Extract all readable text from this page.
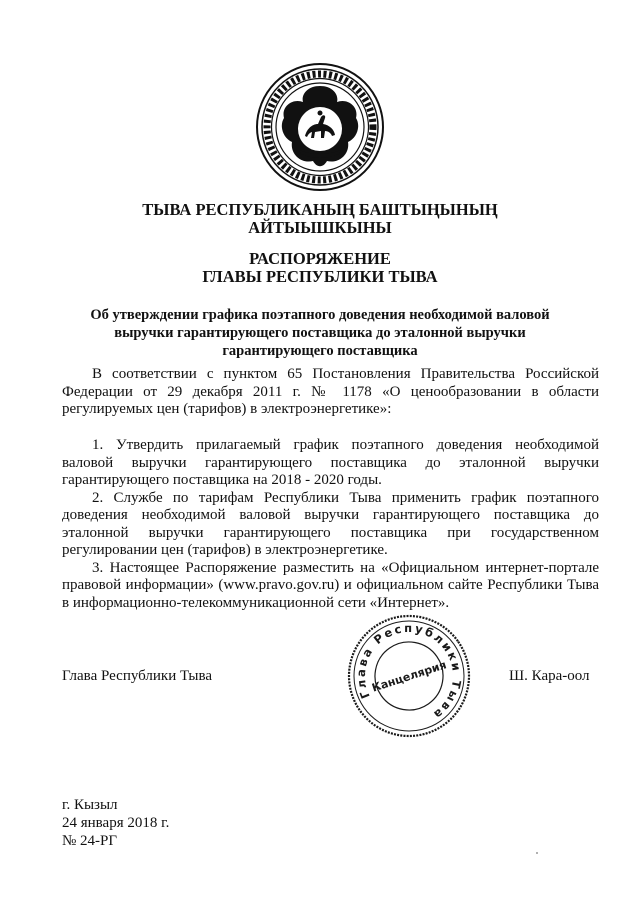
ТЫВА РЕСПУБЛИКАНЫҢ БАШТЫҢЫНЫҢ
АЙТЫЫШКЫНЫ
РАСПОРЯЖЕНИЕ
ГЛАВЫ РЕСПУБЛИКИ ТЫВА
Об утверждении графика поэтапного доведения необходимой валовой
выручки гарантирующего поставщика до эталонной выручки
гарантирующего поставщика

В соответствии с пунктом 65 Постановления Правительства Российской Федерации от 29 декабря 2011 г. № 1178 «О ценообразовании в области регулируемых цен (тарифов) в электроэнергетике»:

1. Утвердить прилагаемый график поэтапного доведения необходимой валовой выручки гарантирующего поставщика до эталонной выручки гарантирующего поставщика на 2018 - 2020 годы.

2. Службе по тарифам Республики Тыва применить график поэтапного доведения необходимой валовой выручки гарантирующего поставщика до эталонной выручки гарантирующего поставщика при государственном регулировании цен (тарифов) в электроэнергетике.

3. Настоящее Распоряжение разместить на «Официальном интернет-портале правовой информации» (www.pravo.gov.ru) и официальном сайте Республики Тыва в информационно-телекоммуникационной сети «Интернет».

Глава Республики Тыва	Ш. Кара-оол

Глава Республики Тыва
Канцелярия
г. Кызыл
24 января 2018 г.
№ 24-РГ
